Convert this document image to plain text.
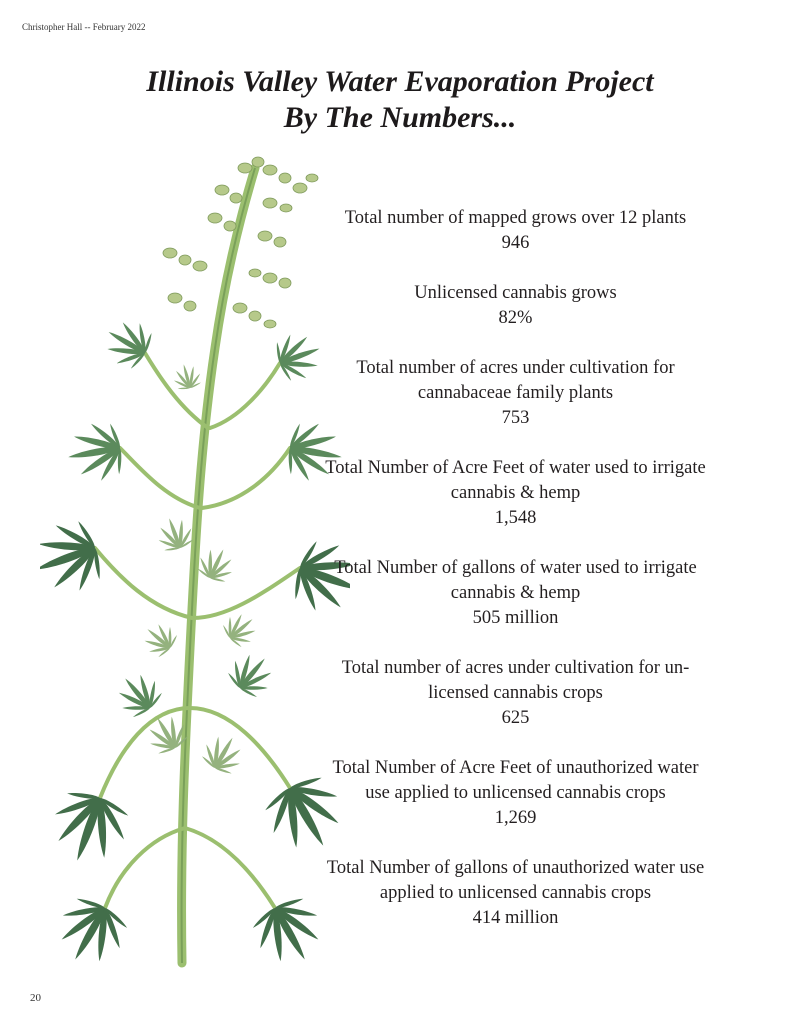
Christopher Hall -- February 2022
Illinois Valley Water Evaporation Project
By The Numbers...
Total number of mapped grows over 12 plants
946
Unlicensed cannabis grows
82%
Total number of acres under cultivation for cannabaceae family plants
753
Total Number of Acre Feet of water used to irrigate cannabis & hemp
1,548
Total Number of gallons of water used to irrigate cannabis & hemp
505 million
Total number of acres under cultivation for un-licensed cannabis crops
625
Total Number of Acre Feet of unauthorized water use applied to unlicensed cannabis crops
1,269
Total Number of gallons of unauthorized water use applied to unlicensed cannabis crops
414 million
20
